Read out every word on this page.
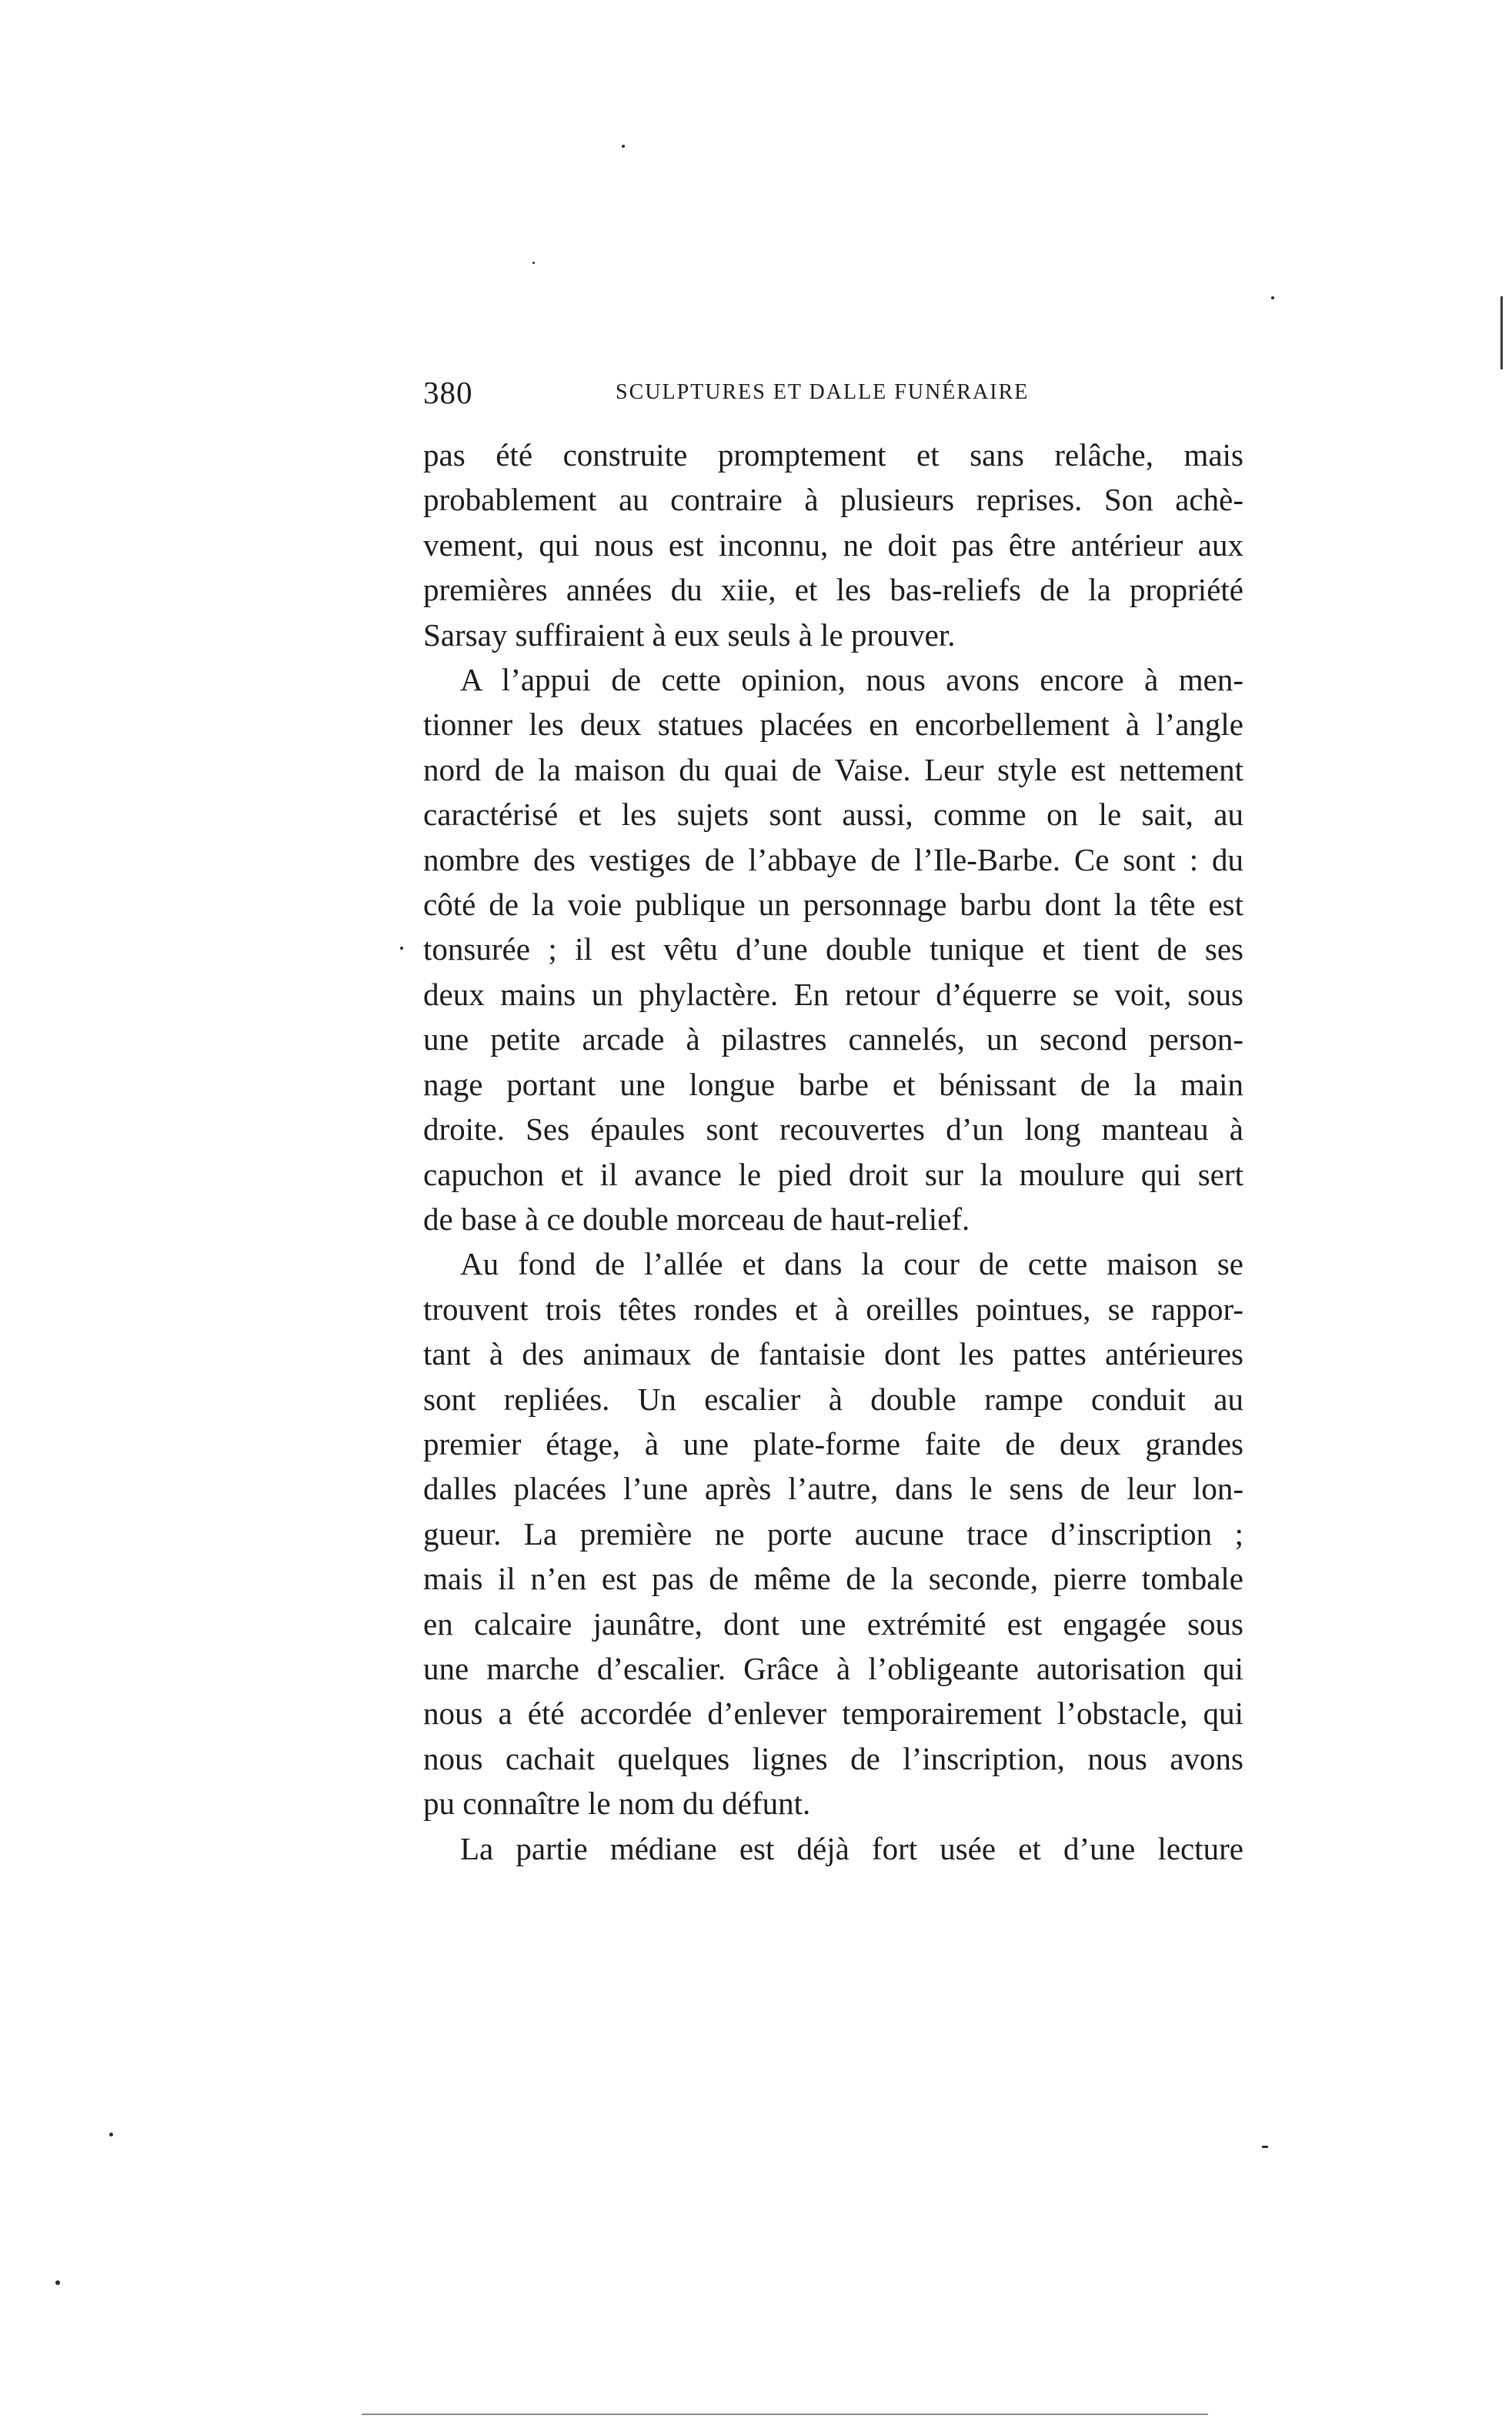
380	SCULPTURES ET DALLE FUNÉRAIRE
pas été construite promptement et sans relâche, mais
probablement au contraire à plusieurs reprises. Son achè-
vement, qui nous est inconnu, ne doit pas être antérieur aux
premières années du xiie, et les bas-reliefs de la propriété
Sarsay suffiraient à eux seuls à le prouver.
A l’appui de cette opinion, nous avons encore à men-
tionner les deux statues placées en encorbellement à l’angle
nord de la maison du quai de Vaise. Leur style est nettement
caractérisé et les sujets sont aussi, comme on le sait, au
nombre des vestiges de l’abbaye de l’Ile-Barbe. Ce sont : du
côté de la voie publique un personnage barbu dont la tête est
tonsurée ; il est vêtu d’une double tunique et tient de ses
deux mains un phylactère. En retour d’équerre se voit, sous
une petite arcade à pilastres cannelés, un second person-
nage portant une longue barbe et bénissant de la main
droite. Ses épaules sont recouvertes d’un long manteau à
capuchon et il avance le pied droit sur la moulure qui sert
de base à ce double morceau de haut-relief.
Au fond de l’allée et dans la cour de cette maison se
trouvent trois têtes rondes et à oreilles pointues, se rappor-
tant à des animaux de fantaisie dont les pattes antérieures
sont repliées. Un escalier à double rampe conduit au
premier étage, à une plate-forme faite de deux grandes
dalles placées l’une après l’autre, dans le sens de leur lon-
gueur. La première ne porte aucune trace d’inscription ;
mais il n’en est pas de même de la seconde, pierre tombale
en calcaire jaunâtre, dont une extrémité est engagée sous
une marche d’escalier. Grâce à l’obligeante autorisation qui
nous a été accordée d’enlever temporairement l’obstacle, qui
nous cachait quelques lignes de l’inscription, nous avons
pu connaître le nom du défunt.
La partie médiane est déjà fort usée et d’une lecture
